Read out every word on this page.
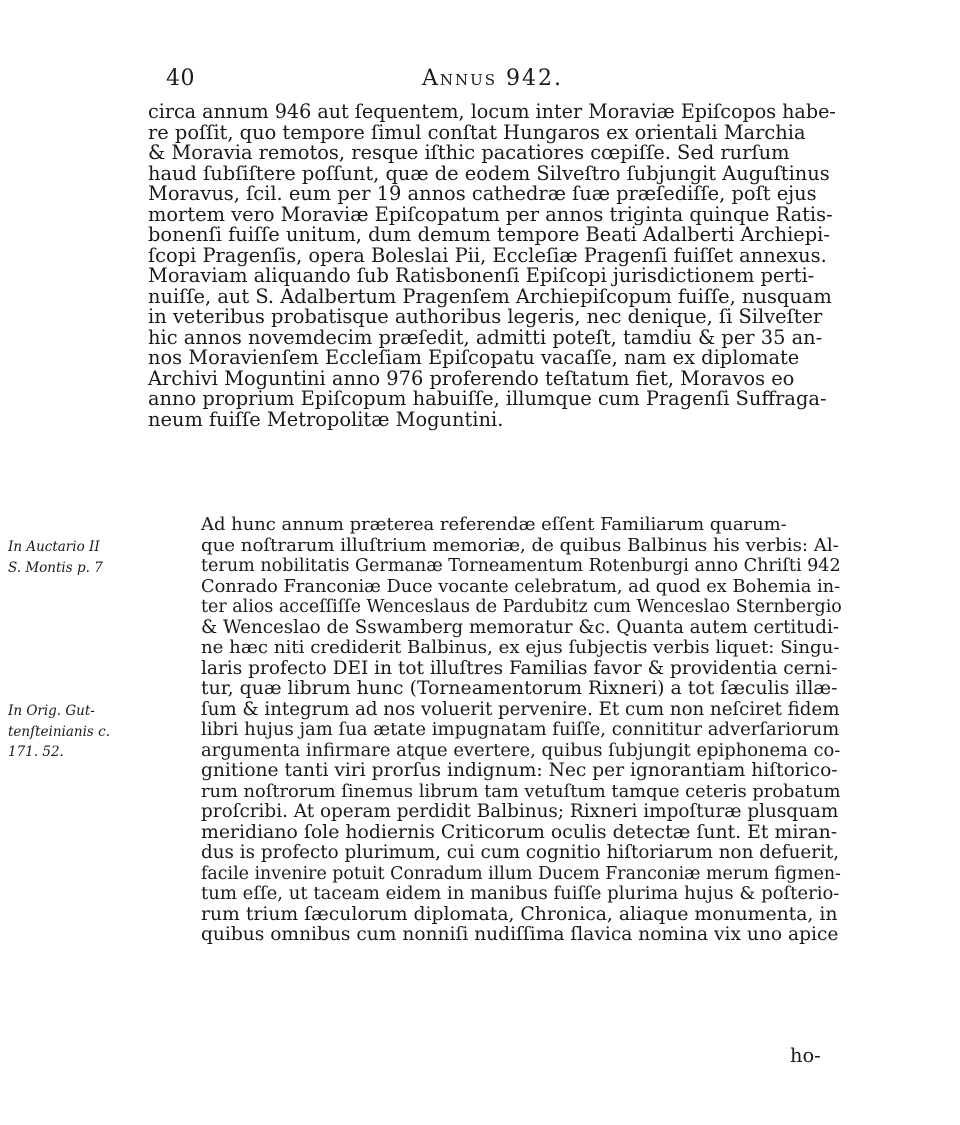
40	Annus 942.
circa annum 946 aut ſequentem, locum inter Moraviæ Epiſcopos habe-
re poſſit, quo tempore ſimul conſtat Hungaros ex orientali Marchia
& Moravia remotos, resque iſthic pacatiores cœpiſſe. Sed rurſum
haud ſubſiſtere poſſunt, quæ de eodem Silveſtro ſubjungit Auguſtinus
Moravus, ſcil. eum per 19 annos cathedræ ſuæ præſediſſe, poſt ejus
mortem vero Moraviæ Epiſcopatum per annos triginta quinque Ratis-
bonenſi fuiſſe unitum, dum demum tempore Beati Adalberti Archiepi-
ſcopi Pragenſis, opera Boleslai Pii, Eccleſiæ Pragenſi fuiſſet annexus.
Moraviam aliquando ſub Ratisbonenſi Epiſcopi jurisdictionem perti-
nuiſſe, aut S. Adalbertum Pragenſem Archiepiſcopum fuiſſe, nusquam
in veteribus probatisque authoribus legeris, nec denique, ſi Silveſter
hic annos novemdecim præſedit, admitti poteſt, tamdiu & per 35 an-
nos Moravienſem Eccleſiam Epiſcopatu vacaſſe, nam ex diplomate
Archivi Moguntini anno 976 proferendo teſtatum fiet, Moravos eo
anno proprium Epiſcopum habuiſſe, illumque cum Pragenſi Suffraga-
neum fuiſſe Metropolitæ Moguntini.
Ad hunc annum præterea referendæ eſſent Familiarum quarum-
que noſtrarum illuſtrium memoriæ, de quibus Balbinus his verbis: Al-
terum nobilitatis Germanæ Torneamentum Rotenburgi anno Chriſti 942
Conrado Franconiæ Duce vocante celebratum, ad quod ex Bohemia in-
ter alios acceſſiſſe Wenceslaus de Pardubitz cum Wenceslao Sternbergio
& Wenceslao de Sswamberg memoratur &c. Quanta autem certitudi-
ne hæc niti crediderit Balbinus, ex ejus ſubjectis verbis liquet: Singu-
laris profecto DEI in tot illuſtres Familias favor & providentia cerni-
tur, quæ librum hunc (Torneamentorum Rixneri) a tot ſæculis illæ-
ſum & integrum ad nos voluerit pervenire. Et cum non neſciret fidem
libri hujus jam ſua ætate impugnatam fuiſſe, connititur adverſariorum
argumenta infirmare atque evertere, quibus ſubjungit epiphonema co-
gnitione tanti viri prorſus indignum: Nec per ignorantiam hiſtorico-
rum noſtrorum ſinemus librum tam vetuſtum tamque ceteris probatum
proſcribi. At operam perdidit Balbinus; Rixneri impoſturæ plusquam
meridiano ſole hodiernis Criticorum oculis detectæ ſunt. Et miran-
dus is profecto plurimum, cui cum cognitio hiſtoriarum non defuerit,
facile invenire potuit Conradum illum Ducem Franconiæ merum figmen-
tum eſſe, ut taceam eidem in manibus fuiſſe plurima hujus & poſterio-
rum trium ſæculorum diplomata, Chronica, aliaque monumenta, in
quibus omnibus cum nonniſi nudiſſima ſlavica nomina vix uno apice
In Auctario II
S. Montis p. 7
In Orig. Gut-
tenſteinianis c.
171. 52.
ho-
